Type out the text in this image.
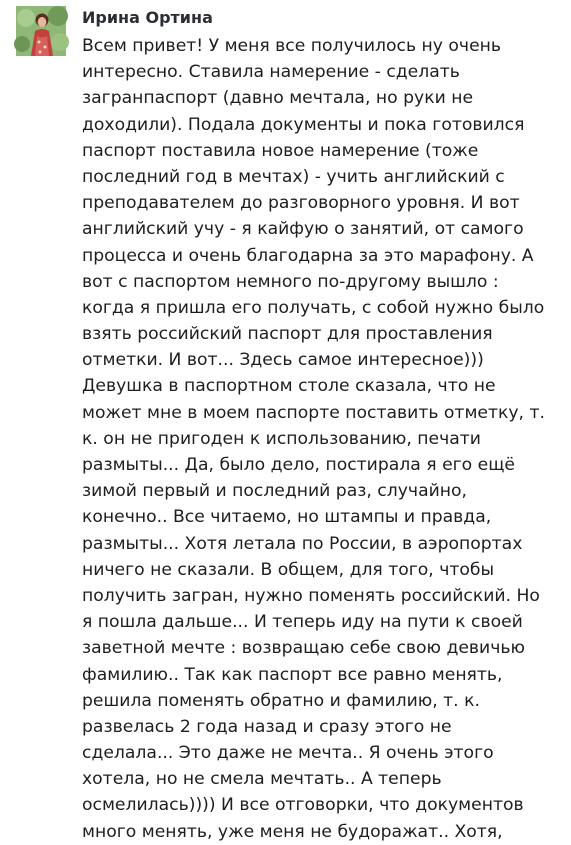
Ирина Ортина
Всем привет! У меня все получилось ну очень
интересно. Ставила намерение - сделать
загранпаспорт (давно мечтала, но руки не
доходили). Подала документы и пока готовился
паспорт поставила новое намерение (тоже
последний год в мечтах) - учить английский с
преподавателем до разговорного уровня. И вот
английский учу - я кайфую о занятий, от самого
процесса и очень благодарна за это марафону. А
вот с паспортом немного по-другому вышло :
когда я пришла его получать, с собой нужно было
взять российский паспорт для проставления
отметки. И вот... Здесь самое интересное)))
Девушка в паспортном столе сказала, что не
может мне в моем паспорте поставить отметку, т.
к. он не пригоден к использованию, печати
размыты... Да, было дело, постирала я его ещё
зимой первый и последний раз, случайно,
конечно.. Все читаемо, но штампы и правда,
размыты... Хотя летала по России, в аэропортах
ничего не сказали. В общем, для того, чтобы
получить загран, нужно поменять российский. Но
я пошла дальше... И теперь иду на пути к своей
заветной мечте : возвращаю себе свою девичью
фамилию.. Так как паспорт все равно менять,
решила поменять обратно и фамилию, т. к.
развелась 2 года назад и сразу этого не
сделала... Это даже не мечта.. Я очень этого
хотела, но не смела мечтать.. А теперь
осмелилась)))) И все отговорки, что документов
много менять, уже меня не будоражат.. Хотя,
